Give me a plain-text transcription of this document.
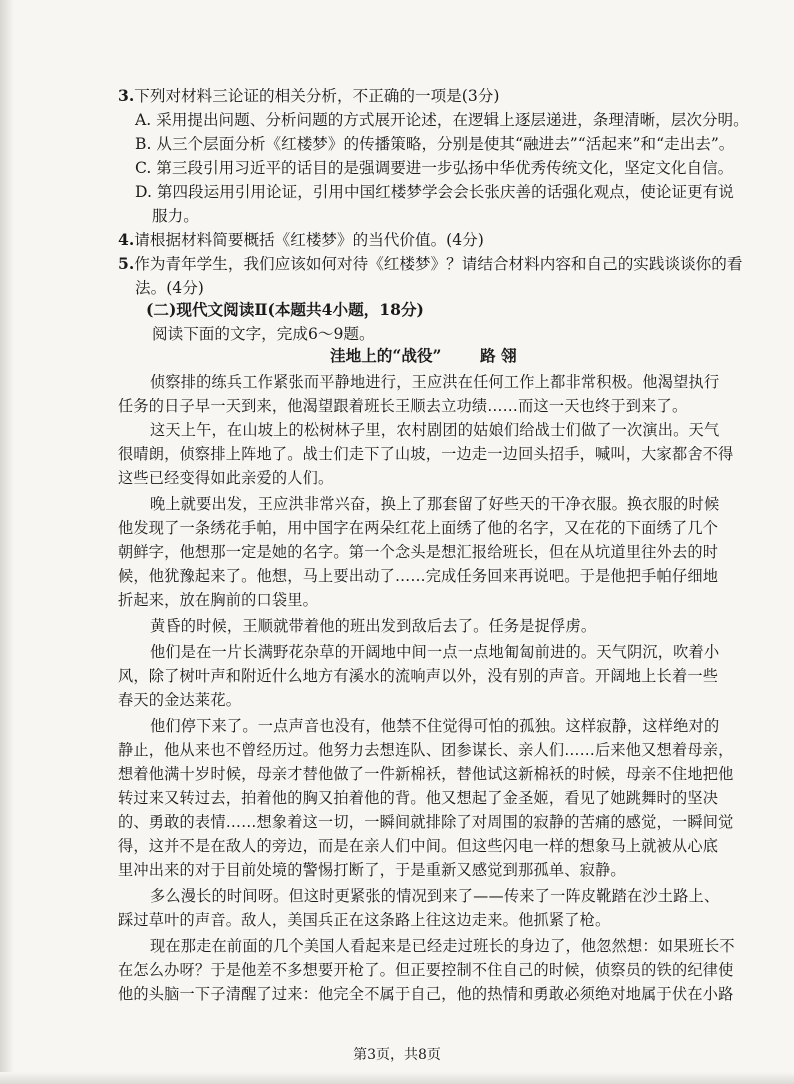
3.下列对材料三论证的相关分析，不正确的一项是(3分)
A. 采用提出问题、分析问题的方式展开论述，在逻辑上逐层递进，条理清晰，层次分明。
B. 从三个层面分析《红楼梦》的传播策略，分别是使其“融进去”“活起来”和“走出去”。
C. 第三段引用习近平的话目的是强调要进一步弘扬中华优秀传统文化，坚定文化自信。
D. 第四段运用引用论证，引用中国红楼梦学会会长张庆善的话强化观点，使论证更有说
服力。
4.请根据材料简要概括《红楼梦》的当代价值。(4分)
5.作为青年学生，我们应该如何对待《红楼梦》？请结合材料内容和自己的实践谈谈你的看
法。(4分)
(二)现代文阅读Ⅱ(本题共4小题，18分)
阅读下面的文字，完成6～9题。
洼地上的“战役” 路 翎
侦察排的练兵工作紧张而平静地进行，王应洪在任何工作上都非常积极。他渴望执行
任务的日子早一天到来，他渴望跟着班长王顺去立功绩……而这一天也终于到来了。
这天上午，在山坡上的松树林子里，农村剧团的姑娘们给战士们做了一次演出。天气
很晴朗，侦察排上阵地了。战士们走下了山坡，一边走一边回头招手，喊叫，大家都舍不得
这些已经变得如此亲爱的人们。
晚上就要出发，王应洪非常兴奋，换上了那套留了好些天的干净衣服。换衣服的时候
他发现了一条绣花手帕，用中国字在两朵红花上面绣了他的名字，又在花的下面绣了几个
朝鲜字，他想那一定是她的名字。第一个念头是想汇报给班长，但在从坑道里往外去的时
候，他犹豫起来了。他想，马上要出动了……完成任务回来再说吧。于是他把手帕仔细地
折起来，放在胸前的口袋里。
黄昏的时候，王顺就带着他的班出发到敌后去了。任务是捉俘虏。
他们是在一片长满野花杂草的开阔地中间一点一点地匍匐前进的。天气阴沉，吹着小
风，除了树叶声和附近什么地方有溪水的流响声以外，没有别的声音。开阔地上长着一些
春天的金达莱花。
他们停下来了。一点声音也没有，他禁不住觉得可怕的孤独。这样寂静，这样绝对的
静止，他从来也不曾经历过。他努力去想连队、团参谋长、亲人们……后来他又想着母亲，
想着他满十岁时候，母亲才替他做了一件新棉袄，替他试这新棉袄的时候，母亲不住地把他
转过来又转过去，拍着他的胸又拍着他的背。他又想起了金圣姬，看见了她跳舞时的坚决
的、勇敢的表情……想象着这一切，一瞬间就排除了对周围的寂静的苦痛的感觉，一瞬间觉
得，这并不是在敌人的旁边，而是在亲人们中间。但这些闪电一样的想象马上就被从心底
里冲出来的对于目前处境的警惕打断了，于是重新又感觉到那孤单、寂静。
多么漫长的时间呀。但这时更紧张的情况到来了——传来了一阵皮靴踏在沙土路上、
踩过草叶的声音。敌人，美国兵正在这条路上往这边走来。他抓紧了枪。
现在那走在前面的几个美国人看起来是已经走过班长的身边了，他忽然想：如果班长不
在怎么办呀？于是他差不多想要开枪了。但正要控制不住自己的时候，侦察员的铁的纪律使
他的头脑一下子清醒了过来：他完全不属于自己，他的热情和勇敢必须绝对地属于伏在小路
第3页，共8页
